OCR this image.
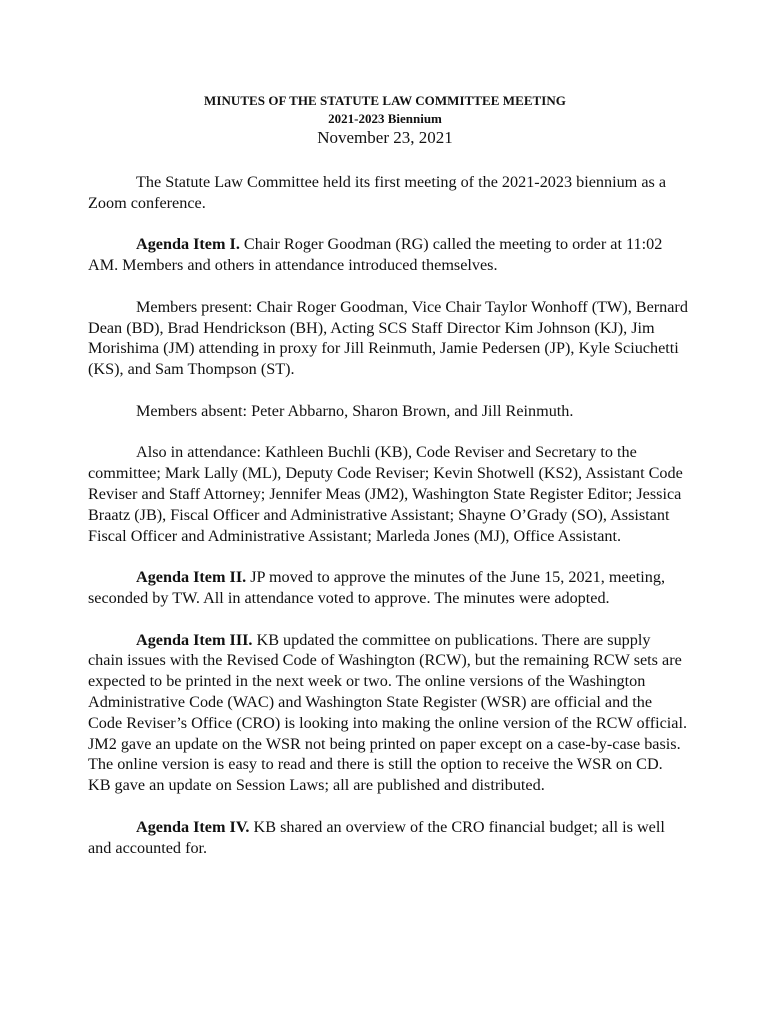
MINUTES OF THE STATUTE LAW COMMITTEE MEETING
2021-2023 Biennium
November 23, 2021

The Statute Law Committee held its first meeting of the 2021-2023 biennium as a Zoom conference.

Agenda Item I. Chair Roger Goodman (RG) called the meeting to order at 11:02 AM. Members and others in attendance introduced themselves.

Members present: Chair Roger Goodman, Vice Chair Taylor Wonhoff (TW), Bernard Dean (BD), Brad Hendrickson (BH), Acting SCS Staff Director Kim Johnson (KJ), Jim Morishima (JM) attending in proxy for Jill Reinmuth, Jamie Pedersen (JP), Kyle Sciuchetti (KS), and Sam Thompson (ST).

Members absent: Peter Abbarno, Sharon Brown, and Jill Reinmuth.

Also in attendance: Kathleen Buchli (KB), Code Reviser and Secretary to the committee; Mark Lally (ML), Deputy Code Reviser; Kevin Shotwell (KS2), Assistant Code Reviser and Staff Attorney; Jennifer Meas (JM2), Washington State Register Editor; Jessica Braatz (JB), Fiscal Officer and Administrative Assistant; Shayne O’Grady (SO), Assistant Fiscal Officer and Administrative Assistant; Marleda Jones (MJ), Office Assistant.

Agenda Item II. JP moved to approve the minutes of the June 15, 2021, meeting, seconded by TW. All in attendance voted to approve. The minutes were adopted.

Agenda Item III. KB updated the committee on publications. There are supply chain issues with the Revised Code of Washington (RCW), but the remaining RCW sets are expected to be printed in the next week or two. The online versions of the Washington Administrative Code (WAC) and Washington State Register (WSR) are official and the Code Reviser’s Office (CRO) is looking into making the online version of the RCW official. JM2 gave an update on the WSR not being printed on paper except on a case-by-case basis. The online version is easy to read and there is still the option to receive the WSR on CD. KB gave an update on Session Laws; all are published and distributed.

Agenda Item IV. KB shared an overview of the CRO financial budget; all is well and accounted for.
